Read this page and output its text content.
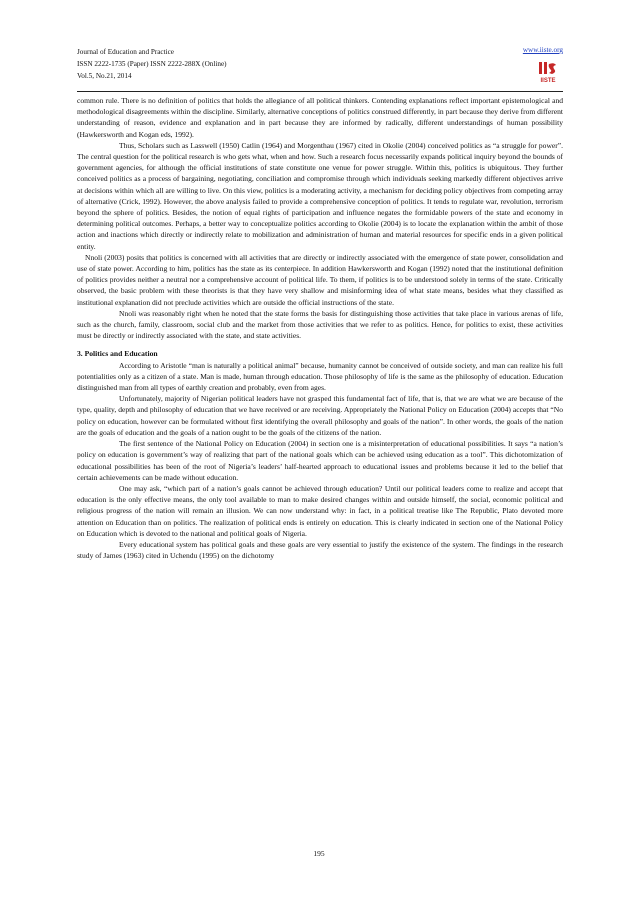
Journal of Education and Practice
ISSN 2222-1735 (Paper) ISSN 2222-288X (Online)
Vol.5, No.21, 2014
www.iiste.org
IISTE

common rule. There is no definition of politics that holds the allegiance of all political thinkers. Contending explanations reflect important epistemological and methodological disagreements within the discipline. Similarly, alternative conceptions of politics construed differently, in part because they derive from different understanding of reason, evidence and explanation and in part because they are informed by radically, different understandings of human possibility (Hawkersworth and Kogan eds, 1992).

Thus, Scholars such as Lasswell (1950) Catlin (1964) and Morgenthau (1967) cited in Okolie (2004) conceived politics as “a struggle for power”. The central question for the political research is who gets what, when and how. Such a research focus necessarily expands political inquiry beyond the bounds of government agencies, for although the official institutions of state constitute one venue for power struggle. Within this, politics is ubiquitous. They further conceived politics as a process of bargaining, negotiating, conciliation and compromise through which individuals seeking markedly different objectives arrive at decisions within which all are willing to live. On this view, politics is a moderating activity, a mechanism for deciding policy objectives from competing array of alternative (Crick, 1992). However, the above analysis failed to provide a comprehensive conception of politics. It tends to regulate war, revolution, terrorism beyond the sphere of politics. Besides, the notion of equal rights of participation and influence negates the formidable powers of the state and economy in determining political outcomes. Perhaps, a better way to conceptualize politics according to Okolie (2004) is to locate the explanation within the ambit of those action and inactions which directly or indirectly relate to mobilization and administration of human and material resources for specific ends in a given political entity.

Nnoli (2003) posits that politics is concerned with all activities that are directly or indirectly associated with the emergence of state power, consolidation and use of state power. According to him, politics has the state as its centerpiece. In addition Hawkersworth and Kogan (1992) noted that the institutional definition of politics provides neither a neutral nor a comprehensive account of political life. To them, if politics is to be understood solely in terms of the state. Critically observed, the basic problem with these theorists is that they have very shallow and misinforming idea of what state means, besides what they classified as institutional explanation did not preclude activities which are outside the official instructions of the state.

Nnoli was reasonably right when he noted that the state forms the basis for distinguishing those activities that take place in various arenas of life, such as the church, family, classroom, social club and the market from those activities that we refer to as politics. Hence, for politics to exist, these activities must be directly or indirectly associated with the state, and state activities.

3. Politics and Education

According to Aristotle “man is naturally a political animal” because, humanity cannot be conceived of outside society, and man can realize his full potentialities only as a citizen of a state. Man is made, human through education. Those philosophy of life is the same as the philosophy of education. Education distinguished man from all types of earthly creation and probably, even from ages.

Unfortunately, majority of Nigerian political leaders have not grasped this fundamental fact of life, that is, that we are what we are because of the type, quality, depth and philosophy of education that we have received or are receiving. Appropriately the National Policy on Education (2004) accepts that “No policy on education, however can be formulated without first identifying the overall philosophy and goals of the nation”. In other words, the goals of the nation are the goals of education and the goals of a nation ought to be the goals of the citizens of the nation.

The first sentence of the National Policy on Education (2004) in section one is a misinterpretation of educational possibilities. It says “a nation’s policy on education is government’s way of realizing that part of the national goals which can be achieved using education as a tool”. This dichotomization of educational possibilities has been of the root of Nigeria’s leaders’ half-hearted approach to educational issues and problems because it led to the belief that certain achievements can be made without education.

One may ask, “which part of a nation’s goals cannot be achieved through education? Until our political leaders come to realize and accept that education is the only effective means, the only tool available to man to make desired changes within and outside himself, the social, economic political and religious progress of the nation will remain an illusion. We can now understand why: in fact, in a political treatise like The Republic, Plato devoted more attention on Education than on politics. The realization of political ends is entirely on education. This is clearly indicated in section one of the National Policy on Education which is devoted to the national and political goals of Nigeria.

Every educational system has political goals and these goals are very essential to justify the existence of the system. The findings in the research study of James (1963) cited in Uchendu (1995) on the dichotomy

195
